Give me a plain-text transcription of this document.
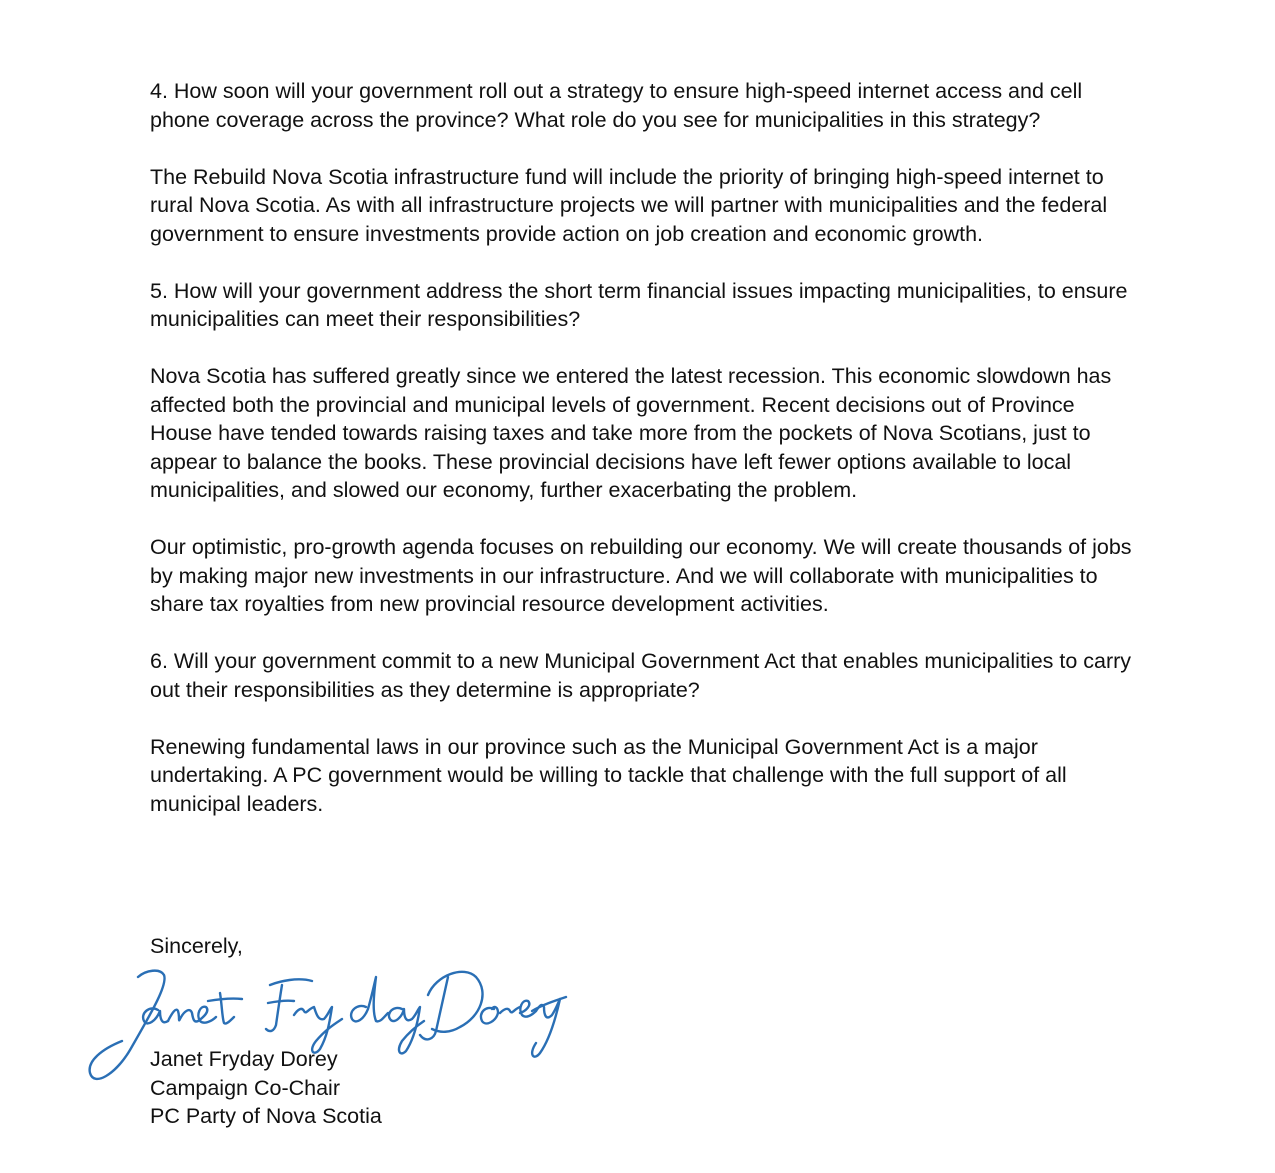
4. How soon will your government roll out a strategy to ensure high-speed internet access and cell phone coverage across the province? What role do you see for municipalities in this strategy?

The Rebuild Nova Scotia infrastructure fund will include the priority of bringing high-speed internet to rural Nova Scotia. As with all infrastructure projects we will partner with municipalities and the federal government to ensure investments provide action on job creation and economic growth.

5. How will your government address the short term financial issues impacting municipalities, to ensure municipalities can meet their responsibilities?

Nova Scotia has suffered greatly since we entered the latest recession. This economic slowdown has affected both the provincial and municipal levels of government. Recent decisions out of Province House have tended towards raising taxes and take more from the pockets of Nova Scotians, just to appear to balance the books. These provincial decisions have left fewer options available to local municipalities, and slowed our economy, further exacerbating the problem.

Our optimistic, pro-growth agenda focuses on rebuilding our economy. We will create thousands of jobs by making major new investments in our infrastructure. And we will collaborate with municipalities to share tax royalties from new provincial resource development activities.

6. Will your government commit to a new Municipal Government Act that enables municipalities to carry out their responsibilities as they determine is appropriate?

Renewing fundamental laws in our province such as the Municipal Government Act is a major undertaking. A PC government would be willing to tackle that challenge with the full support of all municipal leaders.

Sincerely,

Janet Fryday Dorey
Campaign Co-Chair
PC Party of Nova Scotia
